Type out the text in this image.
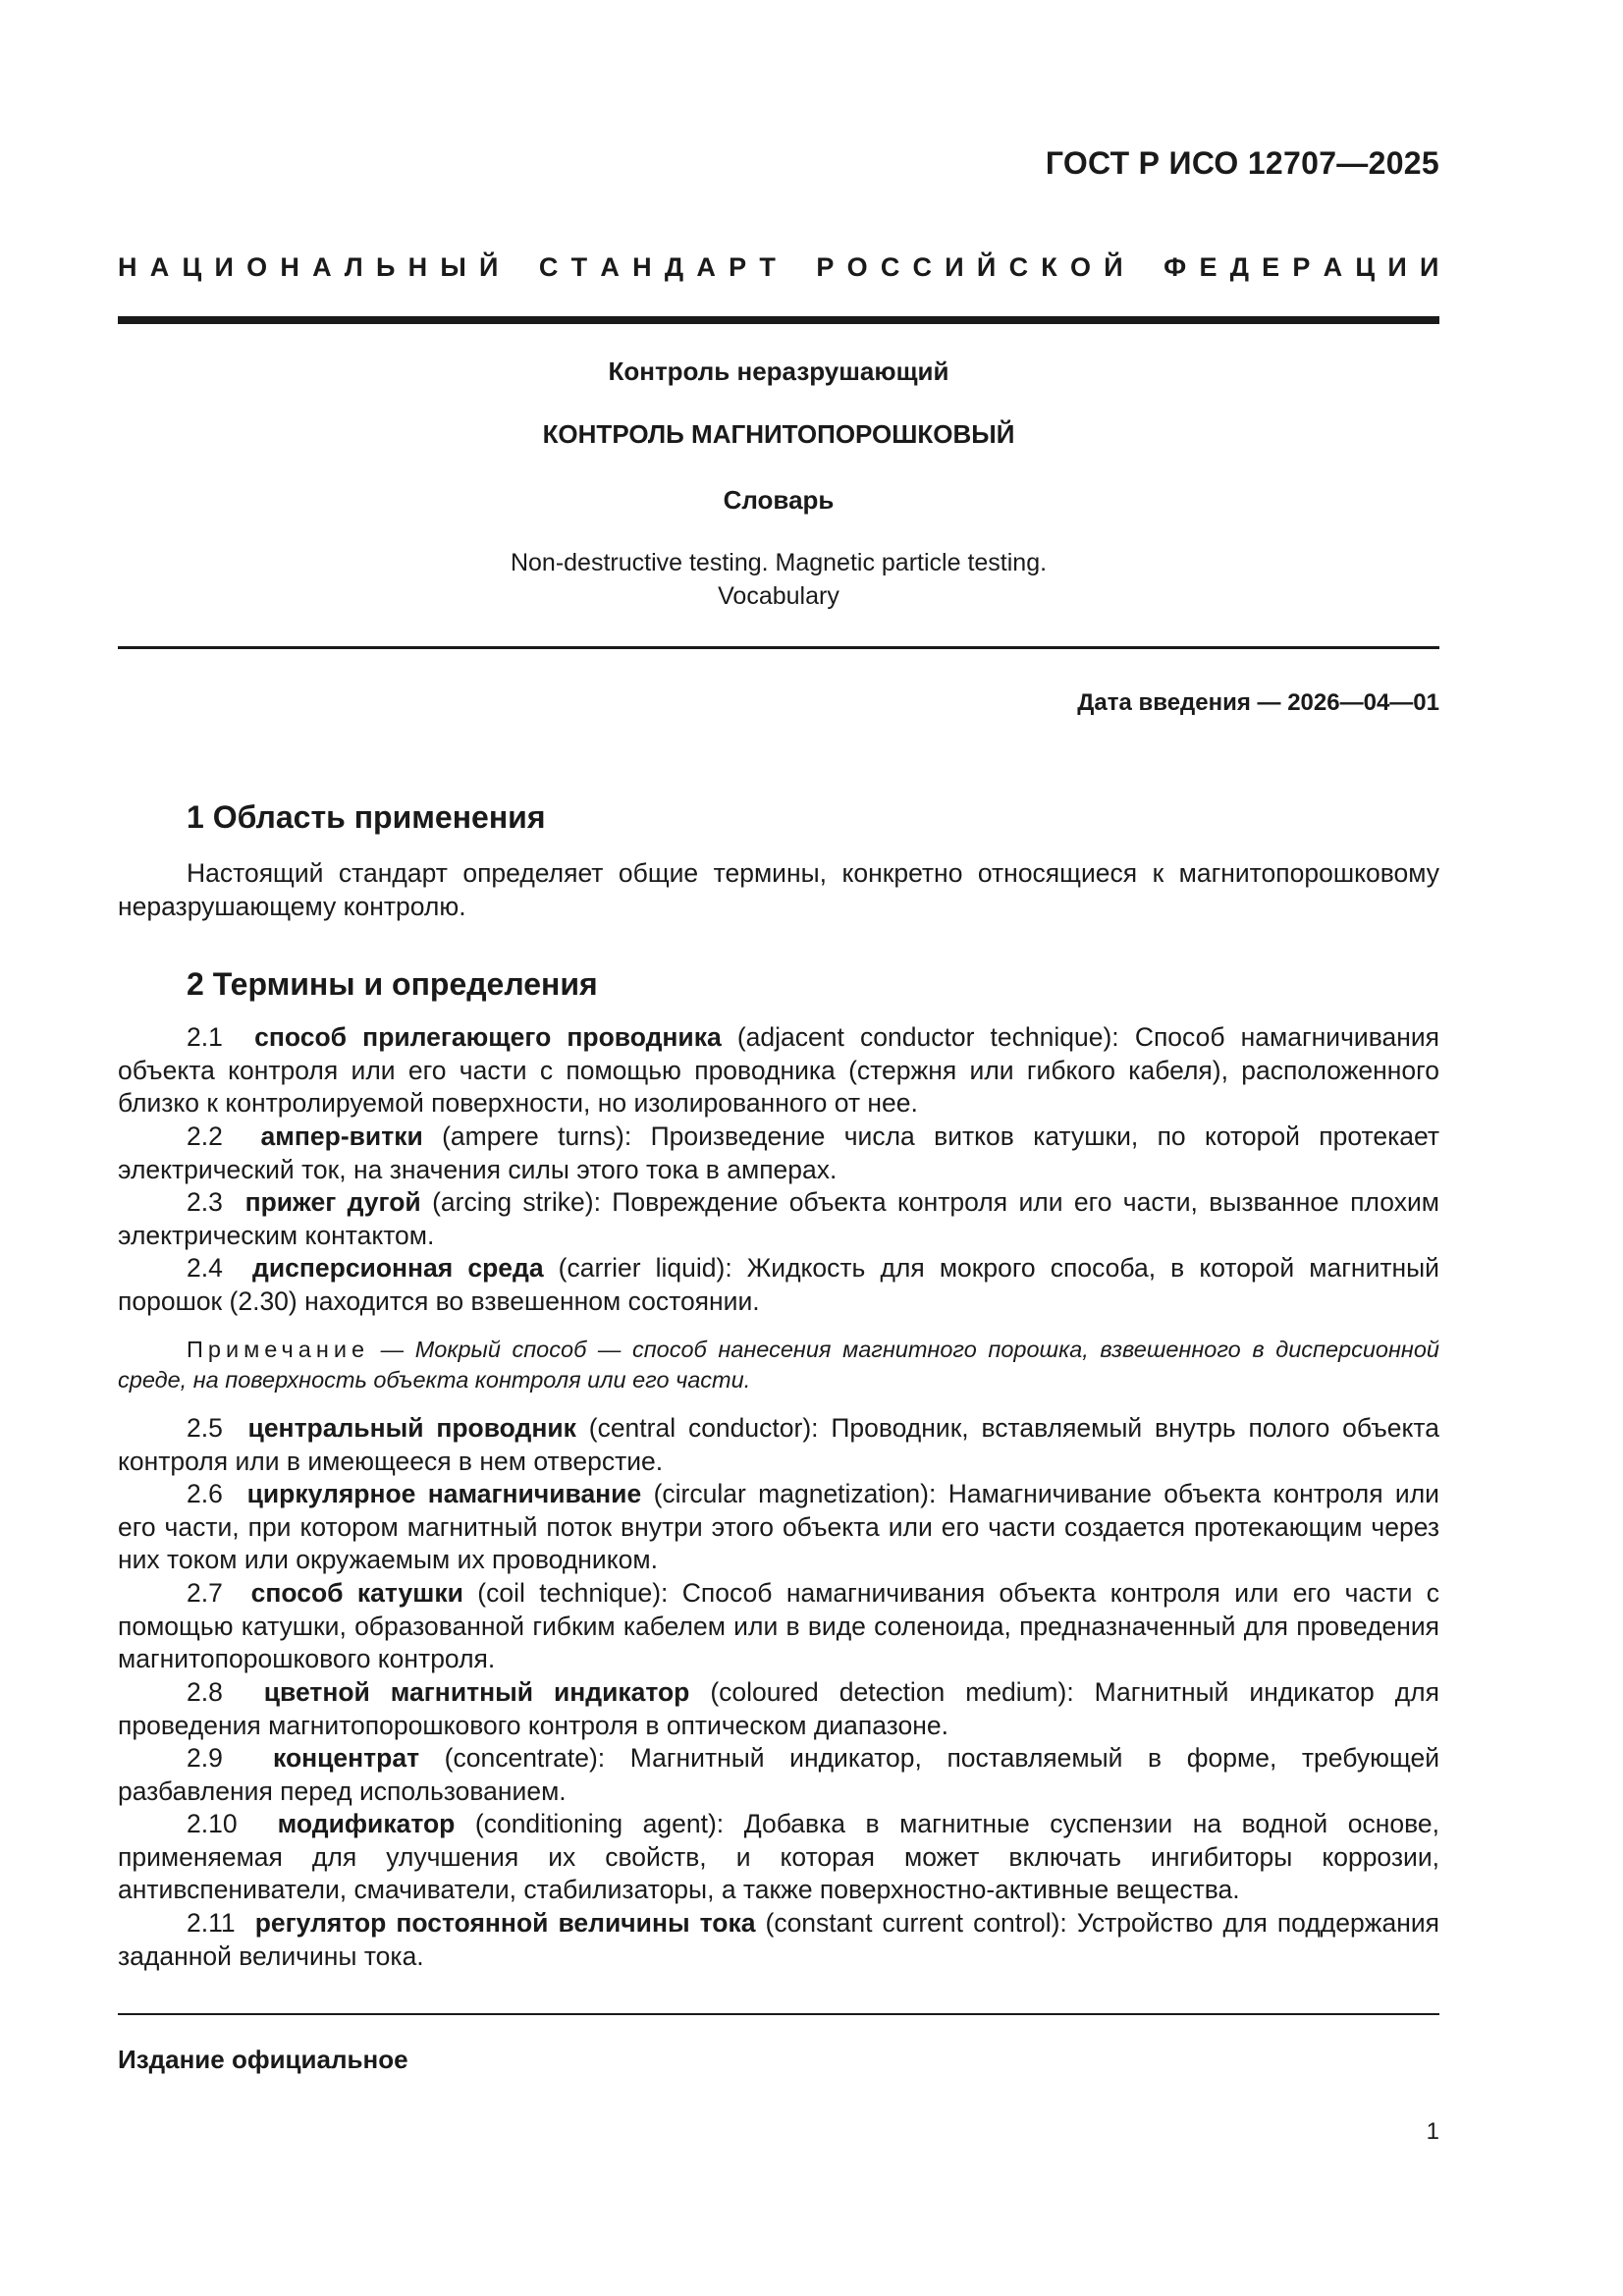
ГОСТ Р ИСО 12707—2025
Н А Ц И О Н А Л Ь Н Ы Й
С Т А Н Д А Р Т
Р О С С И Й С К О Й
Ф Е Д Е Р А Ц И И
Контроль неразрушающий
КОНТРОЛЬ МАГНИТОПОРОШКОВЫЙ
Словарь
Non-destructive testing. Magnetic particle testing.
Vocabulary
Дата введения — 2026—04—01
1 Область применения

Настоящий стандарт определяет общие термины, конкретно относящиеся к магнитопорошковому неразрушающему контролю.

2 Термины и определения

2.1 способ прилегающего проводника (adjacent conductor technique): Способ намагничивания объекта контроля или его части с помощью проводника (стержня или гибкого кабеля), расположенного близко к контролируемой поверхности, но изолированного от нее.

2.2 ампер-витки (ampere turns): Произведение числа витков катушки, по которой протекает электрический ток, на значения силы этого тока в амперах.

2.3 прижег дугой (arcing strike): Повреждение объекта контроля или его части, вызванное плохим электрическим контактом.

2.4 дисперсионная среда (carrier liquid): Жидкость для мокрого способа, в которой магнитный порошок (2.30) находится во взвешенном состоянии.

Примечание — Мокрый способ — способ нанесения магнитного порошка, взвешенного в дисперсионной среде, на поверхность объекта контроля или его части.

2.5 центральный проводник (central conductor): Проводник, вставляемый внутрь полого объекта контроля или в имеющееся в нем отверстие.

2.6 циркулярное намагничивание (circular magnetization): Намагничивание объекта контроля или его части, при котором магнитный поток внутри этого объекта или его части создается протекающим через них током или окружаемым их проводником.

2.7 способ катушки (coil technique): Способ намагничивания объекта контроля или его части с помощью катушки, образованной гибким кабелем или в виде соленоида, предназначенный для проведения магнитопорошкового контроля.

2.8 цветной магнитный индикатор (coloured detection medium): Магнитный индикатор для проведения магнитопорошкового контроля в оптическом диапазоне.

2.9 концентрат (concentrate): Магнитный индикатор, поставляемый в форме, требующей разбавления перед использованием.

2.10 модификатор (conditioning agent): Добавка в магнитные суспензии на водной основе, применяемая для улучшения их свойств, и которая может включать ингибиторы коррозии, антивспениватели, смачиватели, стабилизаторы, а также поверхностно-активные вещества.

2.11 регулятор постоянной величины тока (constant current control): Устройство для поддержания заданной величины тока.

Издание официальное
1
